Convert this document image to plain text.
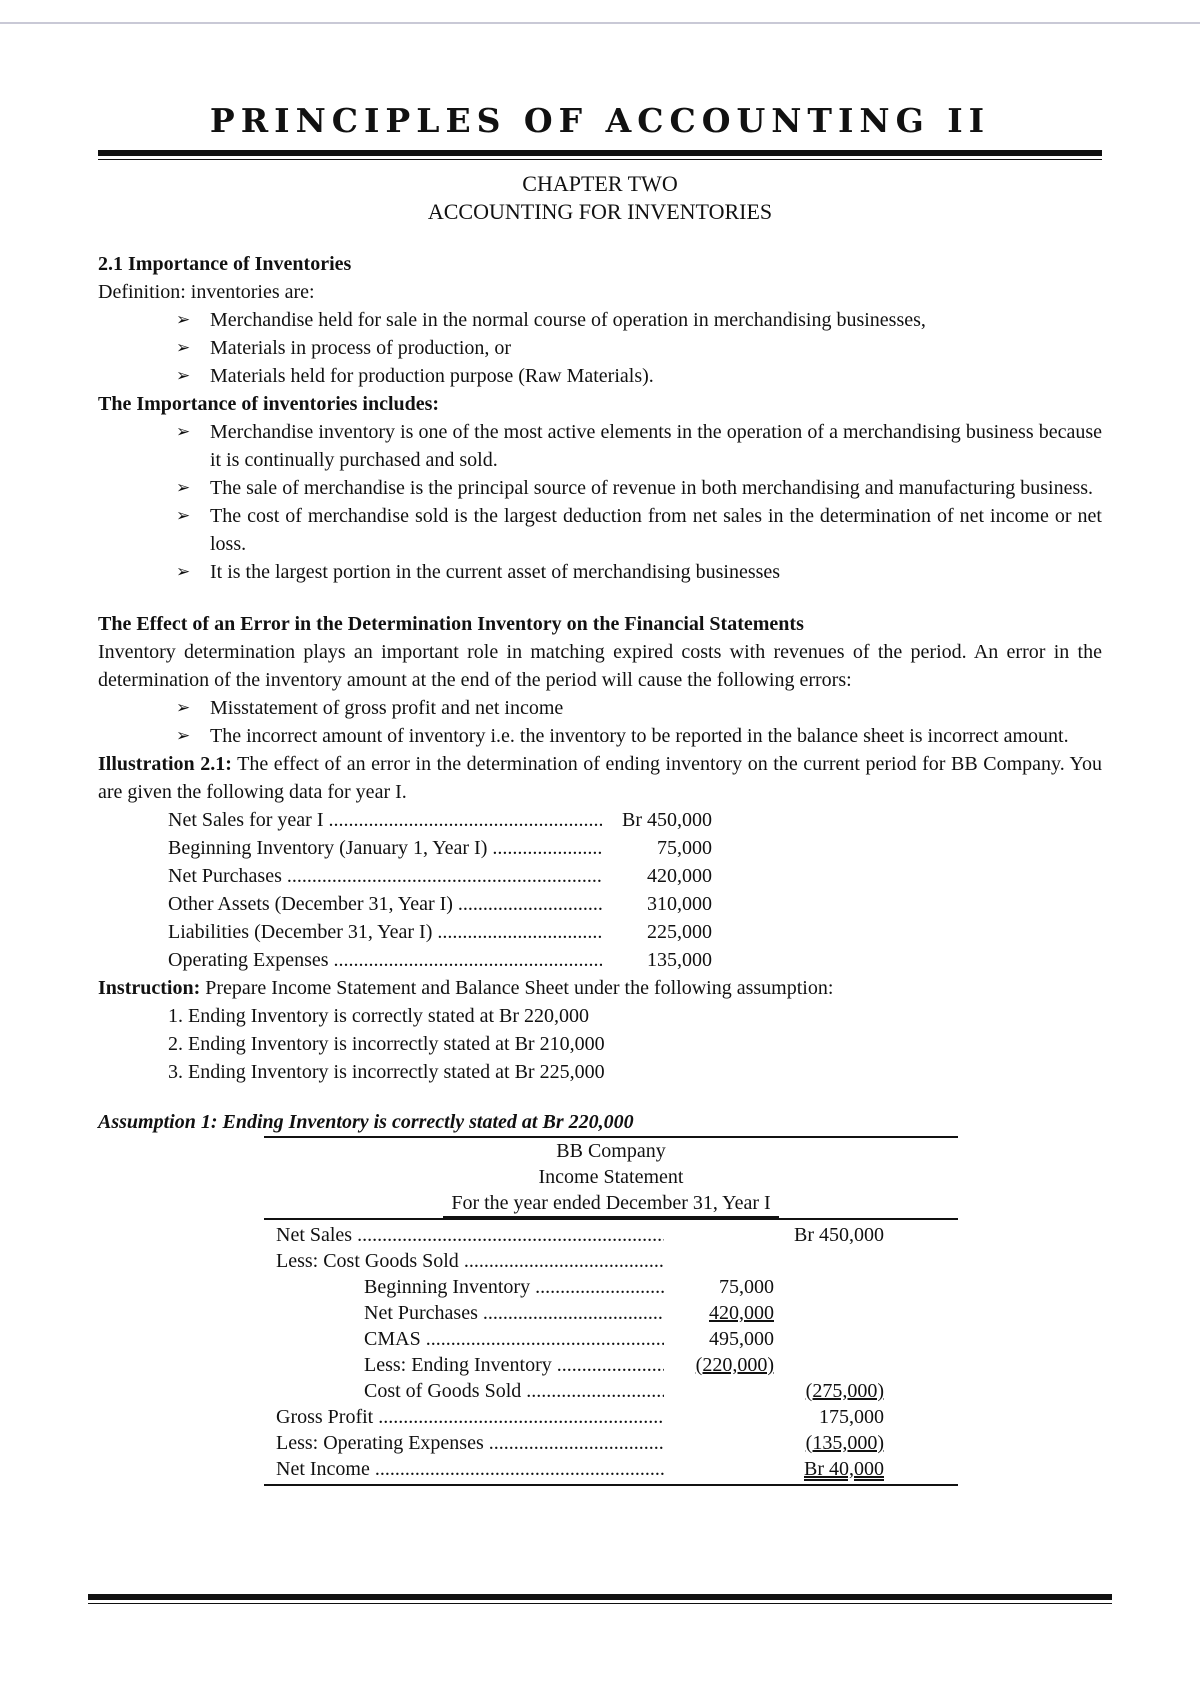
PRINCIPLES OF ACCOUNTING II
CHAPTER TWO
ACCOUNTING FOR INVENTORIES
2.1 Importance of Inventories
Definition: inventories are:
➢ Merchandise held for sale in the normal course of operation in merchandising businesses,
➢ Materials in process of production, or
➢ Materials held for production purpose (Raw Materials).
The Importance of inventories includes:
➢ Merchandise inventory is one of the most active elements in the operation of a merchandising business because it is continually purchased and sold.
➢ The sale of merchandise is the principal source of revenue in both merchandising and manufacturing business.
➢ The cost of merchandise sold is the largest deduction from net sales in the determination of net income or net loss.
➢ It is the largest portion in the current asset of merchandising businesses
The Effect of an Error in the Determination Inventory on the Financial Statements
Inventory determination plays an important role in matching expired costs with revenues of the period. An error in the determination of the inventory amount at the end of the period will cause the following errors:
➢ Misstatement of gross profit and net income
➢ The incorrect amount of inventory i.e. the inventory to be reported in the balance sheet is incorrect amount.
Illustration 2.1: The effect of an error in the determination of ending inventory on the current period for BB Company. You are given the following data for year I.
Net Sales for year I .....	Br 450,000
Beginning Inventory (January 1, Year I) .....	75,000
Net Purchases .....	420,000
Other Assets (December 31, Year I) .....	310,000
Liabilities (December 31, Year I) .....	225,000
Operating Expenses .....	135,000
Instruction: Prepare Income Statement and Balance Sheet under the following assumption:
1. Ending Inventory is correctly stated at Br 220,000
2. Ending Inventory is incorrectly stated at Br 210,000
3. Ending Inventory is incorrectly stated at Br 225,000
Assumption 1: Ending Inventory is correctly stated at Br 220,000
BB Company
Income Statement
For the year ended December 31, Year I
Net Sales .....	Br 450,000
Less: Cost Goods Sold .....
Beginning Inventory .....	75,000
Net Purchases .....	420,000
CMAS .....	495,000
Less: Ending Inventory .....	(220,000)
Cost of Goods Sold .....	(275,000)
Gross Profit .....	175,000
Less: Operating Expenses .....	(135,000)
Net Income .....	Br 40,000
